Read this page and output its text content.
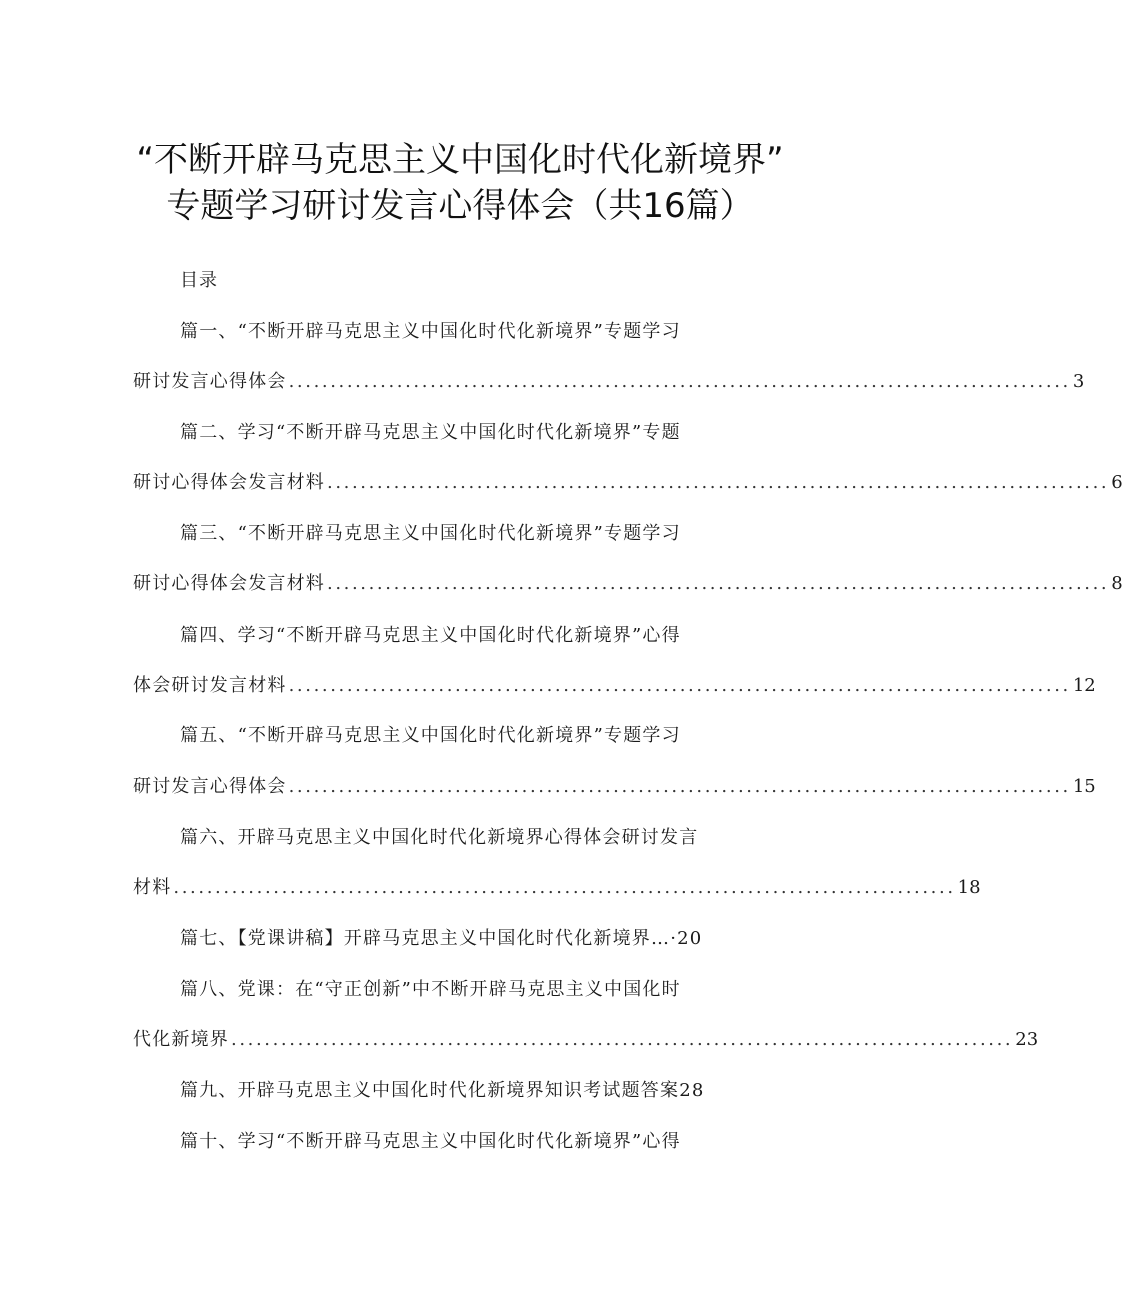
“不断开辟马克思主义中国化时代化新境界”
专题学习研讨发言心得体会（共16篇）
目录
篇一、“不断开辟马克思主义中国化时代化新境界”专题学习
研讨发言心得体会 .............................................................................................. 3
篇二、学习“不断开辟马克思主义中国化时代化新境界”专题
研讨心得体会发言材料 .............................................................................................. 6
篇三、“不断开辟马克思主义中国化时代化新境界”专题学习
研讨心得体会发言材料 .............................................................................................. 8
篇四、学习“不断开辟马克思主义中国化时代化新境界”心得
体会研讨发言材料 .............................................................................................. 12
篇五、“不断开辟马克思主义中国化时代化新境界”专题学习
研讨发言心得体会 .............................................................................................. 15
篇六、开辟马克思主义中国化时代化新境界心得体会研讨发言
材料 .............................................................................................. 18
篇七、【党课讲稿】开辟马克思主义中国化时代化新境界…·20
篇八、党课：在“守正创新”中不断开辟马克思主义中国化时
代化新境界 .............................................................................................. 23
篇九、开辟马克思主义中国化时代化新境界知识考试题答案28
篇十、学习“不断开辟马克思主义中国化时代化新境界”心得
